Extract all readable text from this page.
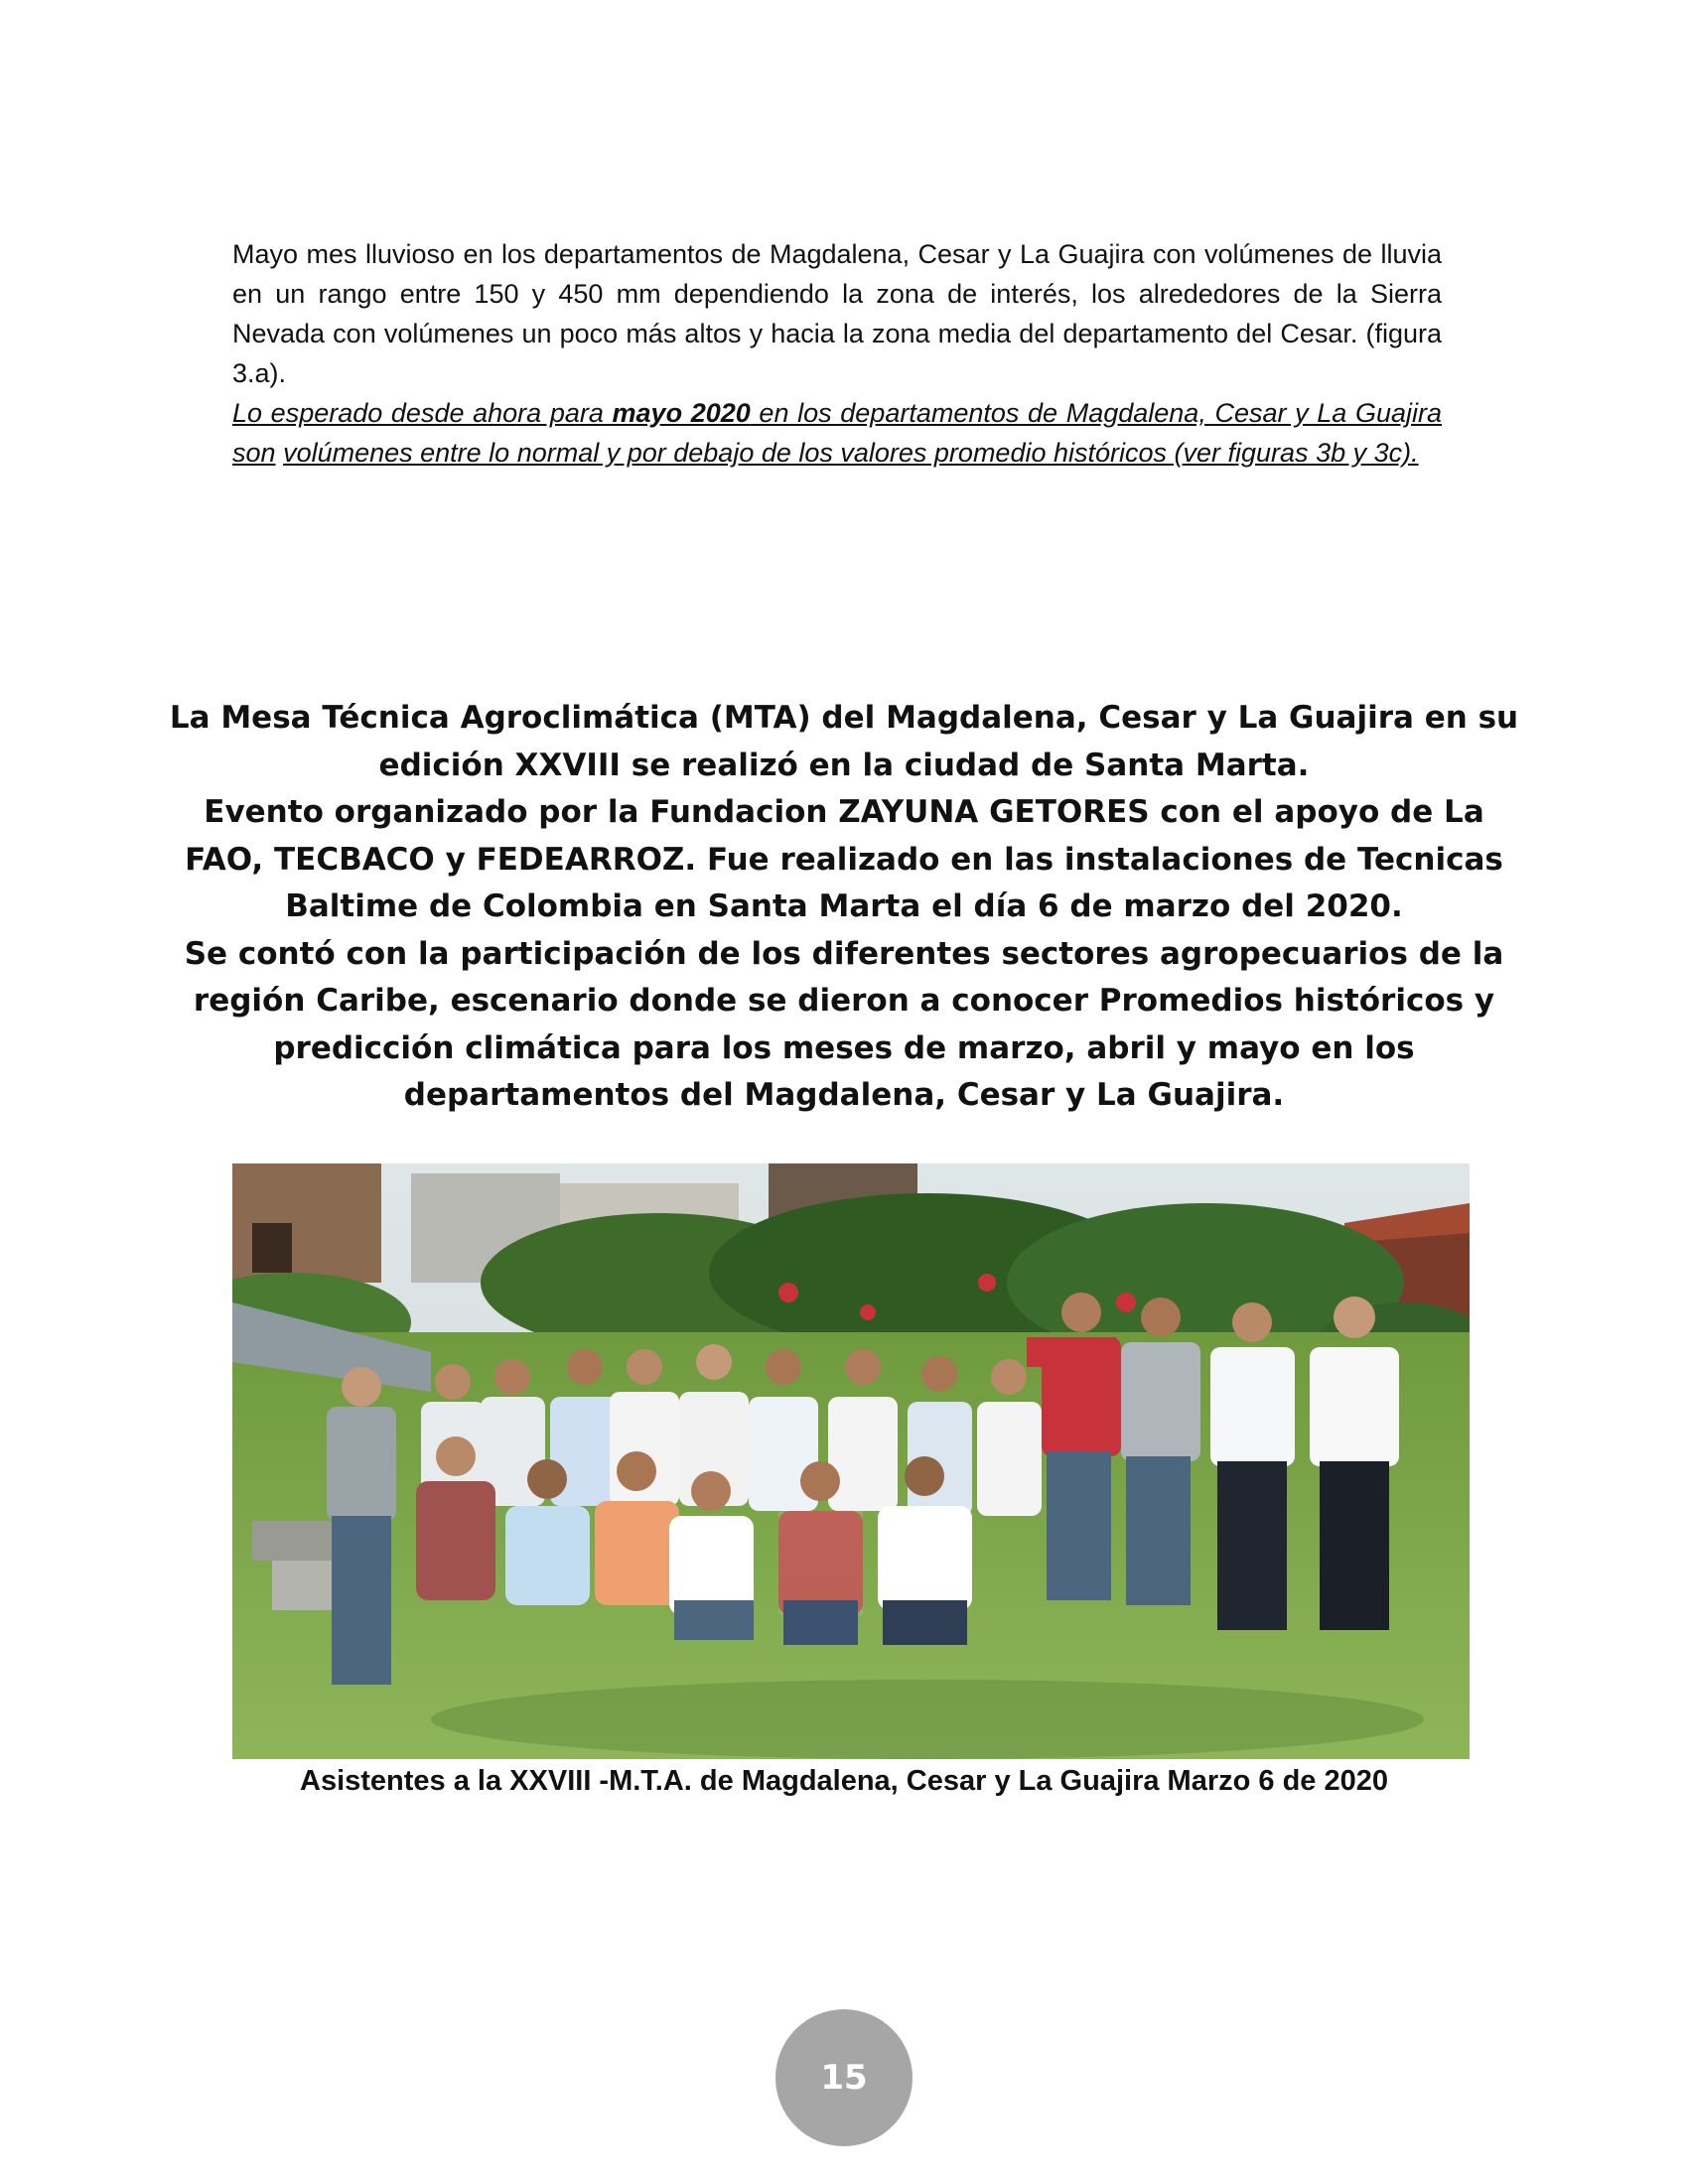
Mayo mes lluvioso en los departamentos de Magdalena, Cesar y La Guajira con volúmenes de lluvia en un rango entre 150 y 450 mm dependiendo la zona de interés, los alrededores de la Sierra Nevada con volúmenes un poco más altos y hacia la zona media del departamento del Cesar. (figura 3.a).

Lo esperado desde ahora para mayo 2020 en los departamentos de Magdalena, Cesar y La Guajira son volúmenes entre lo normal y por debajo de los valores promedio históricos (ver figuras 3b y 3c).

La Mesa Técnica Agroclimática (MTA) del Magdalena, Cesar y La Guajira en su
edición XXVIII se realizó en la ciudad de Santa Marta.
Evento organizado por la Fundacion ZAYUNA GETORES con el apoyo de La
FAO, TECBACO y FEDEARROZ. Fue realizado en las instalaciones de Tecnicas
Baltime de Colombia en Santa Marta el día 6 de marzo del 2020.
Se contó con la participación de los diferentes sectores agropecuarios de la
región Caribe, escenario donde se dieron a conocer Promedios históricos y
predicción climática para los meses de marzo, abril y mayo en los
departamentos del Magdalena, Cesar y La Guajira.
Asistentes a la XXVIII -M.T.A. de Magdalena, Cesar y La Guajira Marzo 6 de 2020
15
